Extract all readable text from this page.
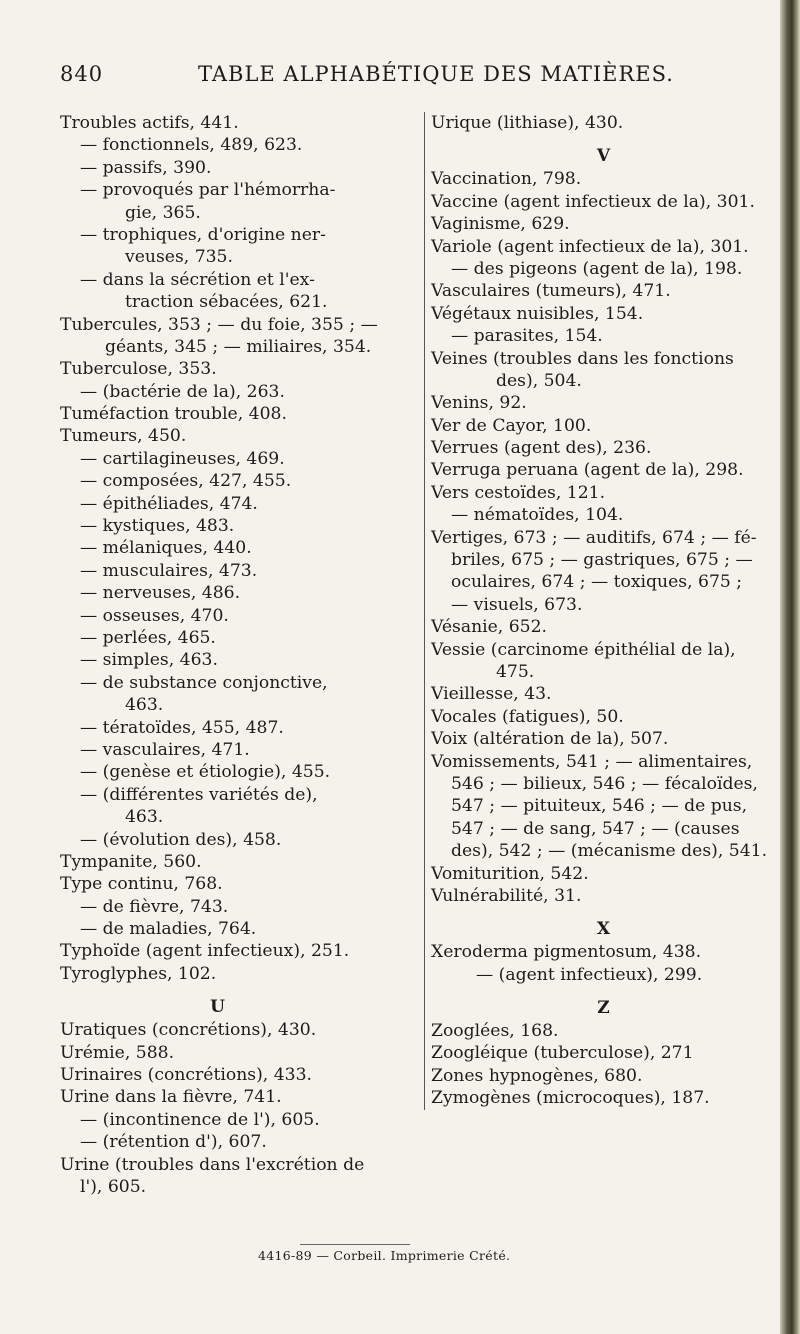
840	TABLE ALPHABÉTIQUE DES MATIÈRES.
Troubles actifs, 441.
— fonctionnels, 489, 623.
— passifs, 390.
— provoqués par l'hémorrha-
gie, 365.
— trophiques, d'origine ner-
veuses, 735.
— dans la sécrétion et l'ex-
traction sébacées, 621.
Tubercules, 353 ; — du foie, 355 ; —
géants, 345 ; — miliaires, 354.
Tuberculose, 353.
— (bactérie de la), 263.
Tuméfaction trouble, 408.
Tumeurs, 450.
— cartilagineuses, 469.
— composées, 427, 455.
— épithéliades, 474.
— kystiques, 483.
— mélaniques, 440.
— musculaires, 473.
— nerveuses, 486.
— osseuses, 470.
— perlées, 465.
— simples, 463.
— de substance conjonctive,
463.
— tératoïdes, 455, 487.
— vasculaires, 471.
— (genèse et étiologie), 455.
— (différentes variétés de),
463.
— (évolution des), 458.
Tympanite, 560.
Type continu, 768.
— de fièvre, 743.
— de maladies, 764.
Typhoïde (agent infectieux), 251.
Tyroglyphes, 102.
U
Uratiques (concrétions), 430.
Urémie, 588.
Urinaires (concrétions), 433.
Urine dans la fièvre, 741.
— (incontinence de l'), 605.
— (rétention d'), 607.
Urine (troubles dans l'excrétion de
l'), 605.
Urique (lithiase), 430.
V
Vaccination, 798.
Vaccine (agent infectieux de la), 301.
Vaginisme, 629.
Variole (agent infectieux de la), 301.
— des pigeons (agent de la), 198.
Vasculaires (tumeurs), 471.
Végétaux nuisibles, 154.
— parasites, 154.
Veines (troubles dans les fonctions
des), 504.
Venins, 92.
Ver de Cayor, 100.
Verrues (agent des), 236.
Verruga peruana (agent de la), 298.
Vers cestoïdes, 121.
— nématoïdes, 104.
Vertiges, 673 ; — auditifs, 674 ; — fé-
briles, 675 ; — gastriques, 675 ; —
oculaires, 674 ; — toxiques, 675 ;
— visuels, 673.
Vésanie, 652.
Vessie (carcinome épithélial de la),
475.
Vieillesse, 43.
Vocales (fatigues), 50.
Voix (altération de la), 507.
Vomissements, 541 ; — alimentaires,
546 ; — bilieux, 546 ; — fécaloïdes,
547 ; — pituiteux, 546 ; — de pus,
547 ; — de sang, 547 ; — (causes
des), 542 ; — (mécanisme des), 541.
Vomiturition, 542.
Vulnérabilité, 31.
X
Xeroderma pigmentosum, 438.
— (agent infectieux), 299.
Z
Zooglées, 168.
Zoogléique (tuberculose), 271
Zones hypnogènes, 680.
Zymogènes (microcoques), 187.
4416-89 — Corbeil. Imprimerie Crété.
